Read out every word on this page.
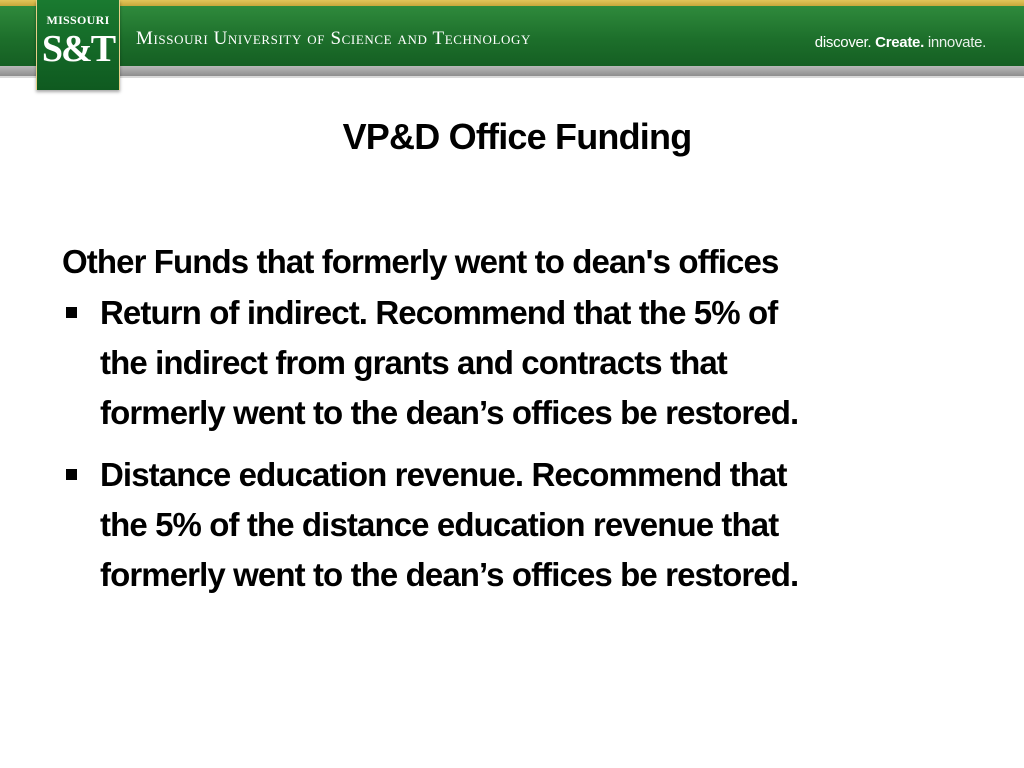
MISSOURI
S&T Missouri University of Science and Technology	discover. Create. innovate.
VP&D Office Funding
Other Funds that formerly went to dean's offices
Return of indirect. Recommend that the 5% of
the indirect from grants and contracts that
formerly went to the dean’s offices be restored.
Distance education revenue. Recommend that
the 5% of the distance education revenue that
formerly went to the dean’s offices be restored.
